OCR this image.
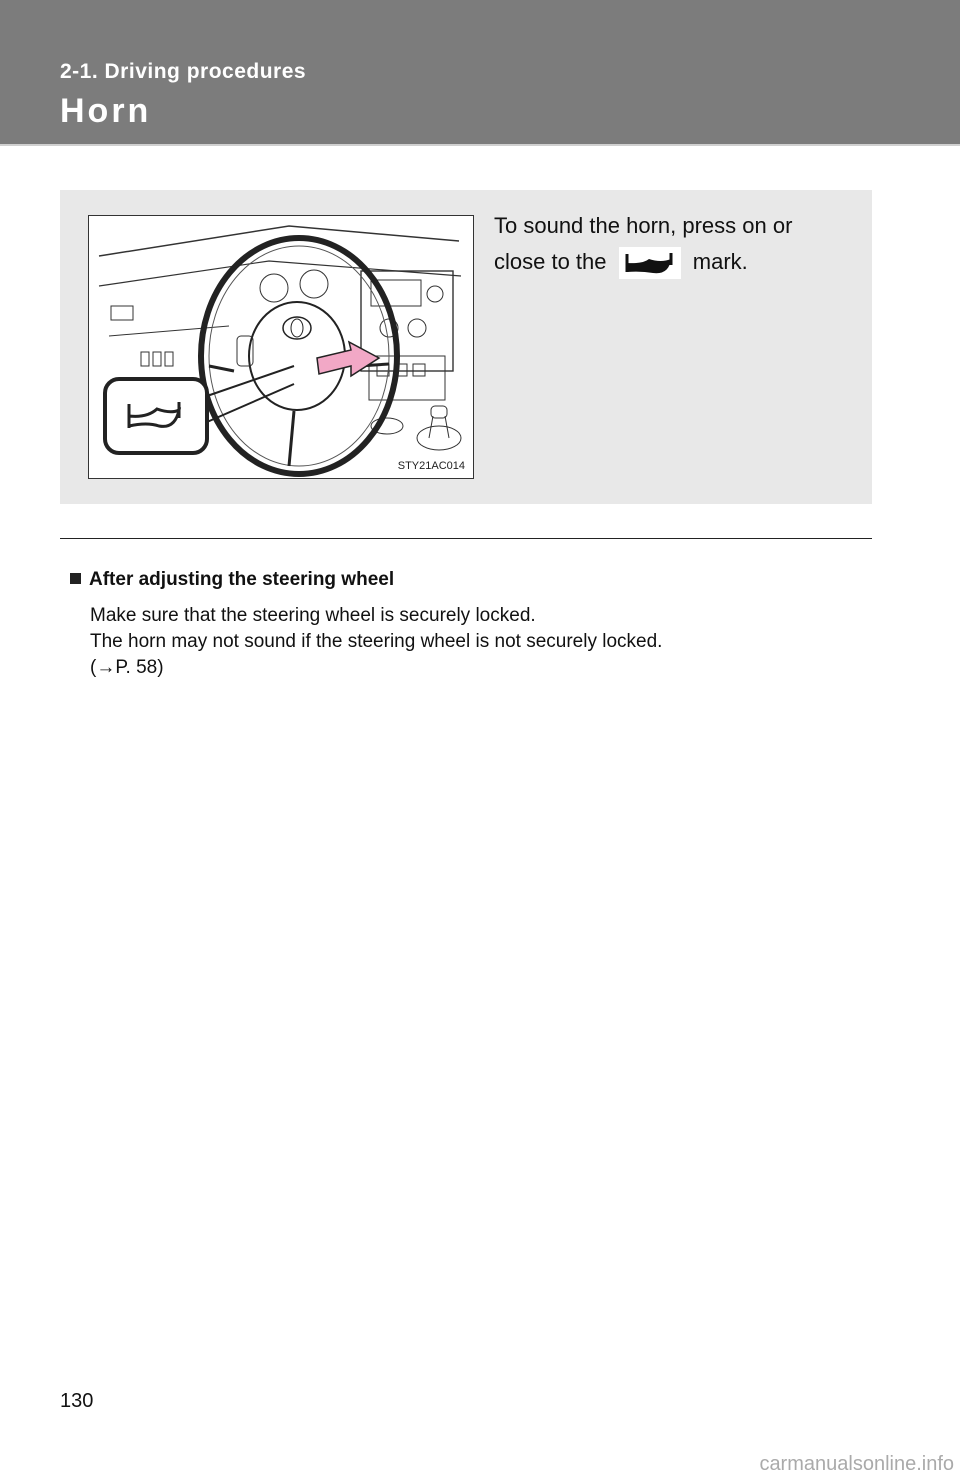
2-1. Driving procedures
Horn
STY21AC014
To sound the horn, press on or
close to the	mark.
After adjusting the steering wheel
Make sure that the steering wheel is securely locked.
The horn may not sound if the steering wheel is not securely locked.
(→P. 58)
130
carmanualsonline.info
